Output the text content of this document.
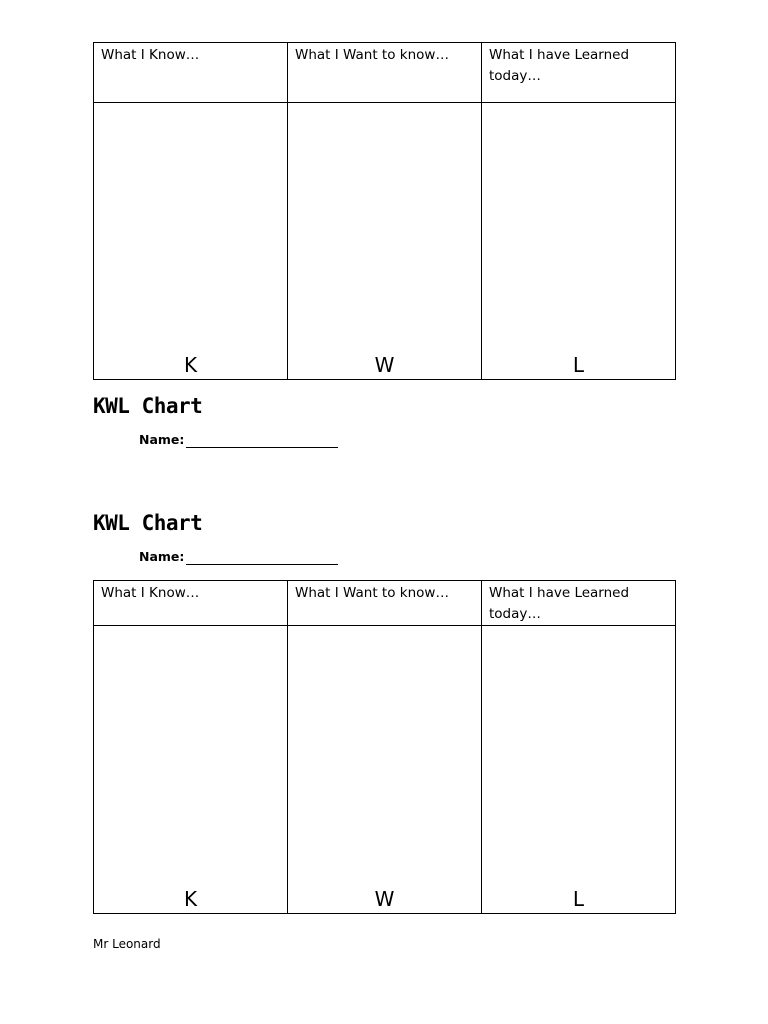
What I Know…	What I Want to know…	What I have Learned today…

K	W	L
KWL Chart
Name:
KWL Chart
Name:
What I Know…	What I Want to know…	What I have Learned today…

K	W	L
Mr Leonard
